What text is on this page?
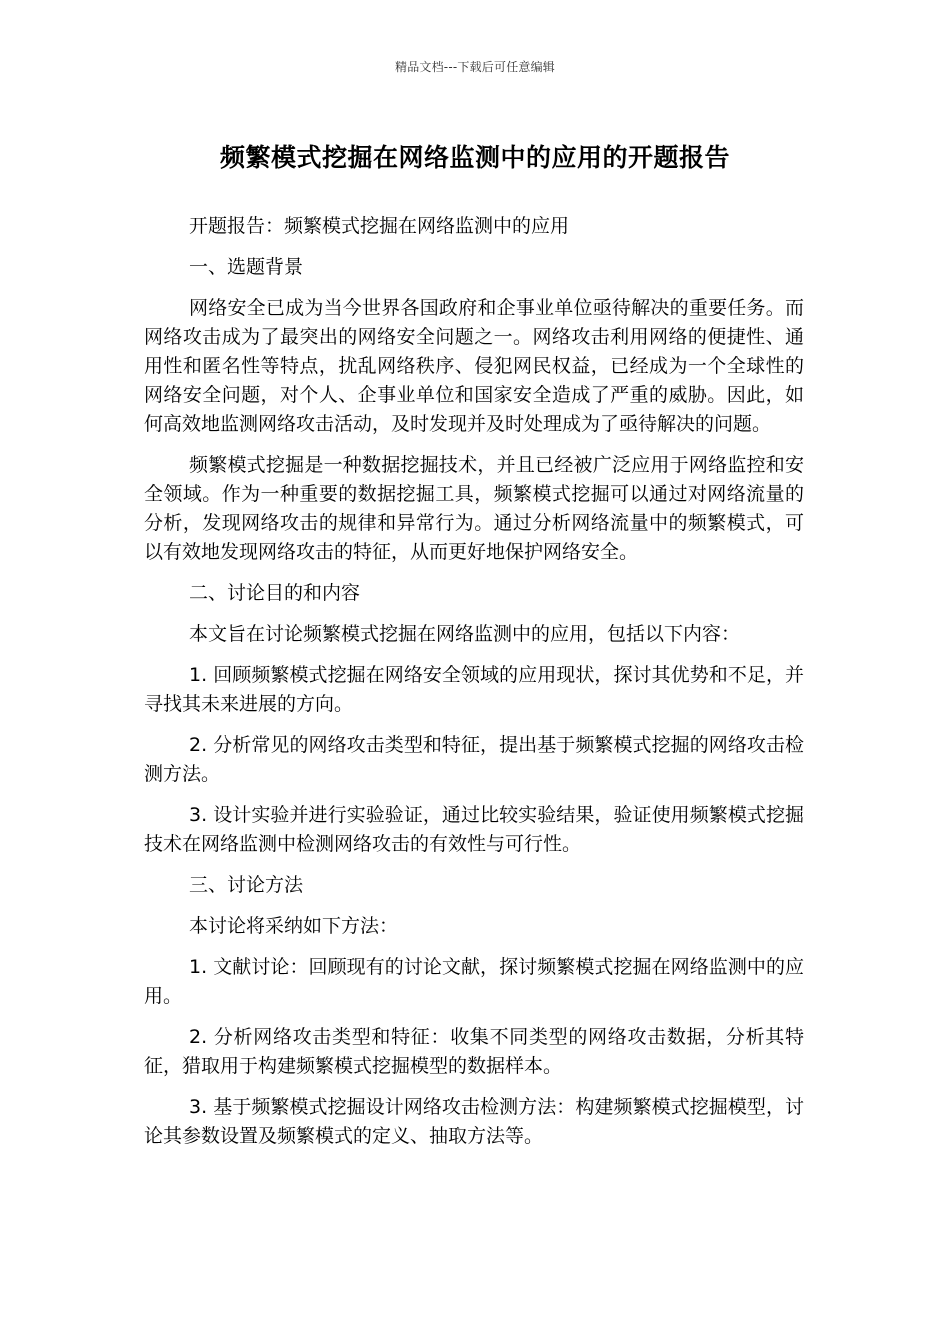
精品文档---下载后可任意编辑
频繁模式挖掘在网络监测中的应用的开题报告

开题报告：频繁模式挖掘在网络监测中的应用

一、选题背景

网络安全已成为当今世界各国政府和企事业单位亟待解决的重要任务。而网络攻击成为了最突出的网络安全问题之一。网络攻击利用网络的便捷性、通用性和匿名性等特点，扰乱网络秩序、侵犯网民权益，已经成为一个全球性的网络安全问题，对个人、企事业单位和国家安全造成了严重的威胁。因此，如何高效地监测网络攻击活动，及时发现并及时处理成为了亟待解决的问题。

频繁模式挖掘是一种数据挖掘技术，并且已经被广泛应用于网络监控和安全领域。作为一种重要的数据挖掘工具，频繁模式挖掘可以通过对网络流量的分析，发现网络攻击的规律和异常行为。通过分析网络流量中的频繁模式，可以有效地发现网络攻击的特征，从而更好地保护网络安全。

二、讨论目的和内容

本文旨在讨论频繁模式挖掘在网络监测中的应用，包括以下内容：

1. 回顾频繁模式挖掘在网络安全领域的应用现状，探讨其优势和不足，并寻找其未来进展的方向。

2. 分析常见的网络攻击类型和特征，提出基于频繁模式挖掘的网络攻击检测方法。

3. 设计实验并进行实验验证，通过比较实验结果，验证使用频繁模式挖掘技术在网络监测中检测网络攻击的有效性与可行性。

三、讨论方法

本讨论将采纳如下方法：

1. 文献讨论：回顾现有的讨论文献，探讨频繁模式挖掘在网络监测中的应用。

2. 分析网络攻击类型和特征：收集不同类型的网络攻击数据，分析其特征，猎取用于构建频繁模式挖掘模型的数据样本。

3. 基于频繁模式挖掘设计网络攻击检测方法：构建频繁模式挖掘模型，讨论其参数设置及频繁模式的定义、抽取方法等。
